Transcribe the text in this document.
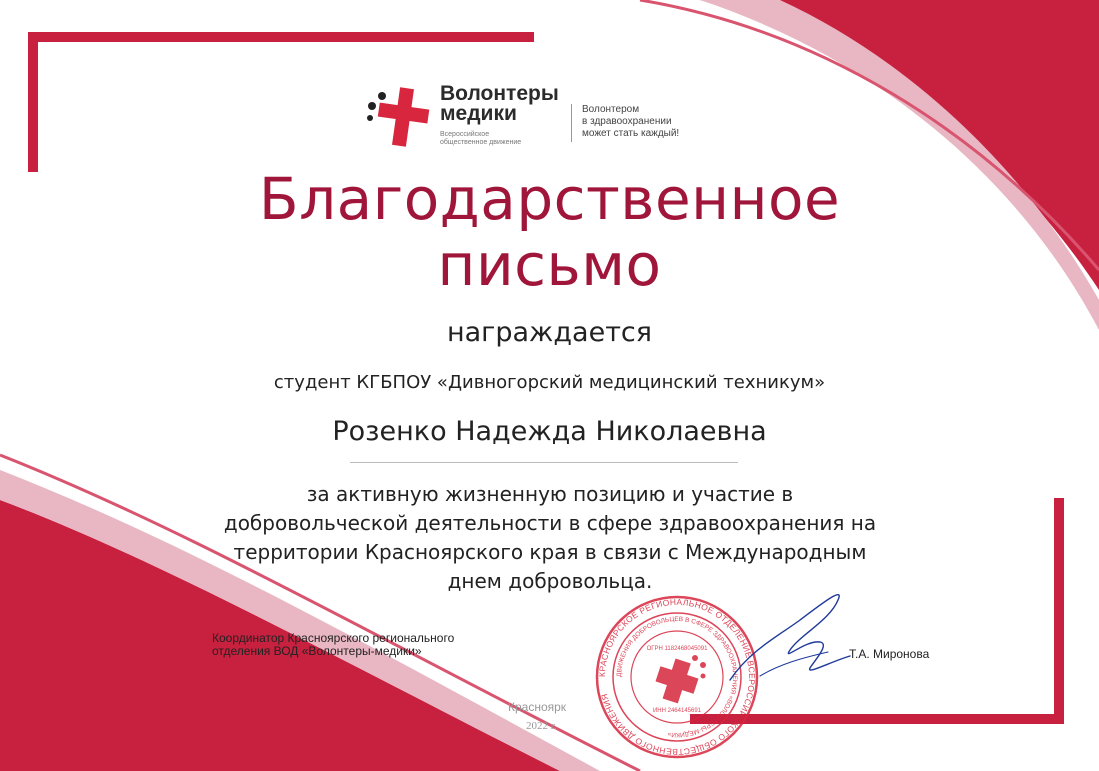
Волонтеры
медики
Всероссийское
общественное движение
Волонтером
в здравоохранении
может стать каждый!
Благодарственное
письмо
награждается
студент КГБПОУ «Дивногорский медицинский техникум»
Розенко Надежда Николаевна
за активную жизненную позицию и участие в
добровольческой деятельности в сфере здравоохранения на
территории Красноярского края в связи с Международным
днем добровольца.
Координатор Красноярского регионального
отделения ВОД «Волонтеры-медики»	Т.А. Миронова
Красноярк
2022 г.
КРАСНОЯРСКОЕ РЕГИОНАЛЬНОЕ ОТДЕЛЕНИЕ ВСЕРОССИЙСКОГО ОБЩЕСТВЕННОГО ДВИЖЕНИЯ
ДВИЖЕНИЯ ДОБРОВОЛЬЦЕВ В СФЕРЕ ЗДРАВООХРАНЕНИЯ «ВОЛОНТЕРЫ-МЕДИКИ»
ОГРН 1182468045091
ИНН 2464145691
